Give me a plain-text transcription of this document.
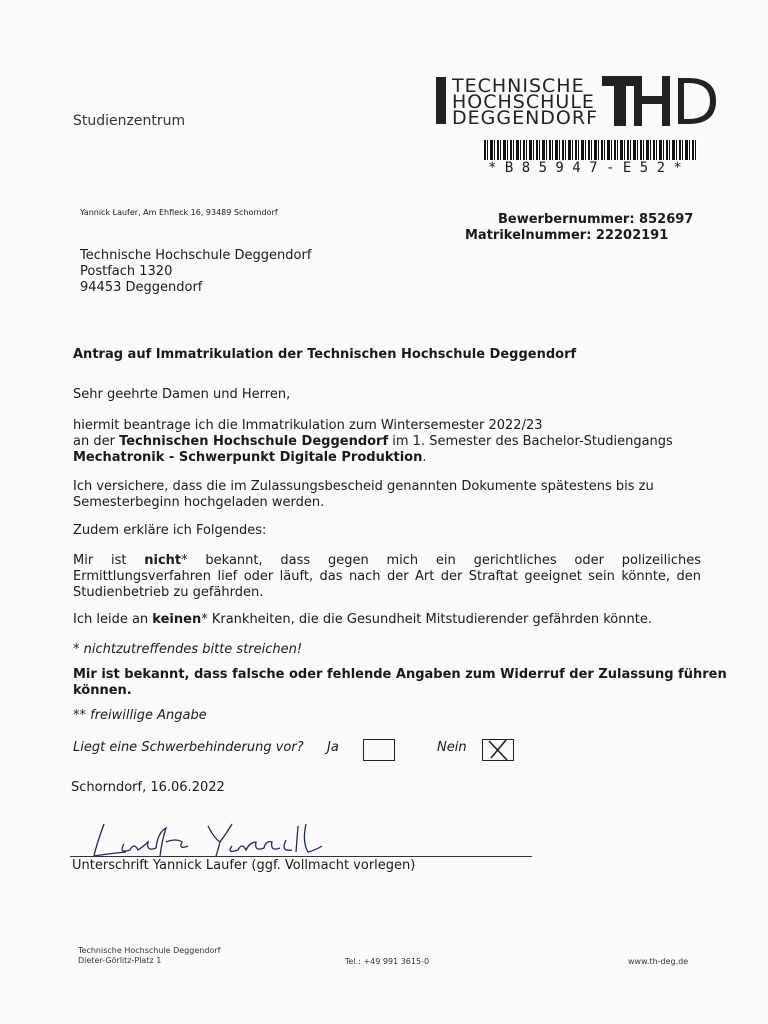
Studienzentrum
TECHNISCHE
HOCHSCHULE
DEGGENDORF
* B 8 5 9 4 7 - E 5 2 *
Yannick Laufer, Am Ehfleck 16, 93489 Schorndorf	Bewerbernummer: 852697
Matrikelnummer: 22202191
Technische Hochschule Deggendorf
Postfach 1320
94453 Deggendorf
Antrag auf Immatrikulation der Technischen Hochschule Deggendorf
Sehr geehrte Damen und Herren,
hiermit beantrage ich die Immatrikulation zum Wintersemester 2022/23
an der Technischen Hochschule Deggendorf im 1. Semester des Bachelor-Studiengangs
Mechatronik - Schwerpunkt Digitale Produktion.
Ich versichere, dass die im Zulassungsbescheid genannten Dokumente spätestens bis zu
Semesterbeginn hochgeladen werden.
Zudem erkläre ich Folgendes:
Mir ist nicht* bekannt, dass gegen mich ein gerichtliches oder polizeiliches
Ermittlungsverfahren lief oder läuft, das nach der Art der Straftat geeignet sein könnte, den
Studienbetrieb zu gefährden.
Ich leide an keinen* Krankheiten, die die Gesundheit Mitstudierender gefährden könnte.
* nichtzutreffendes bitte streichen!
Mir ist bekannt, dass falsche oder fehlende Angaben zum Widerruf der Zulassung führen
können.
** freiwillige Angabe
Liegt eine Schwerbehinderung vor? Ja	Nein
Schorndorf, 16.06.2022
Unterschrift Yannick Laufer (ggf. Vollmacht vorlegen)
Technische Hochschule Deggendorf
Dieter-Görlitz-Platz 1	Tel.: +49 991 3615-0	www.th-deg.de
